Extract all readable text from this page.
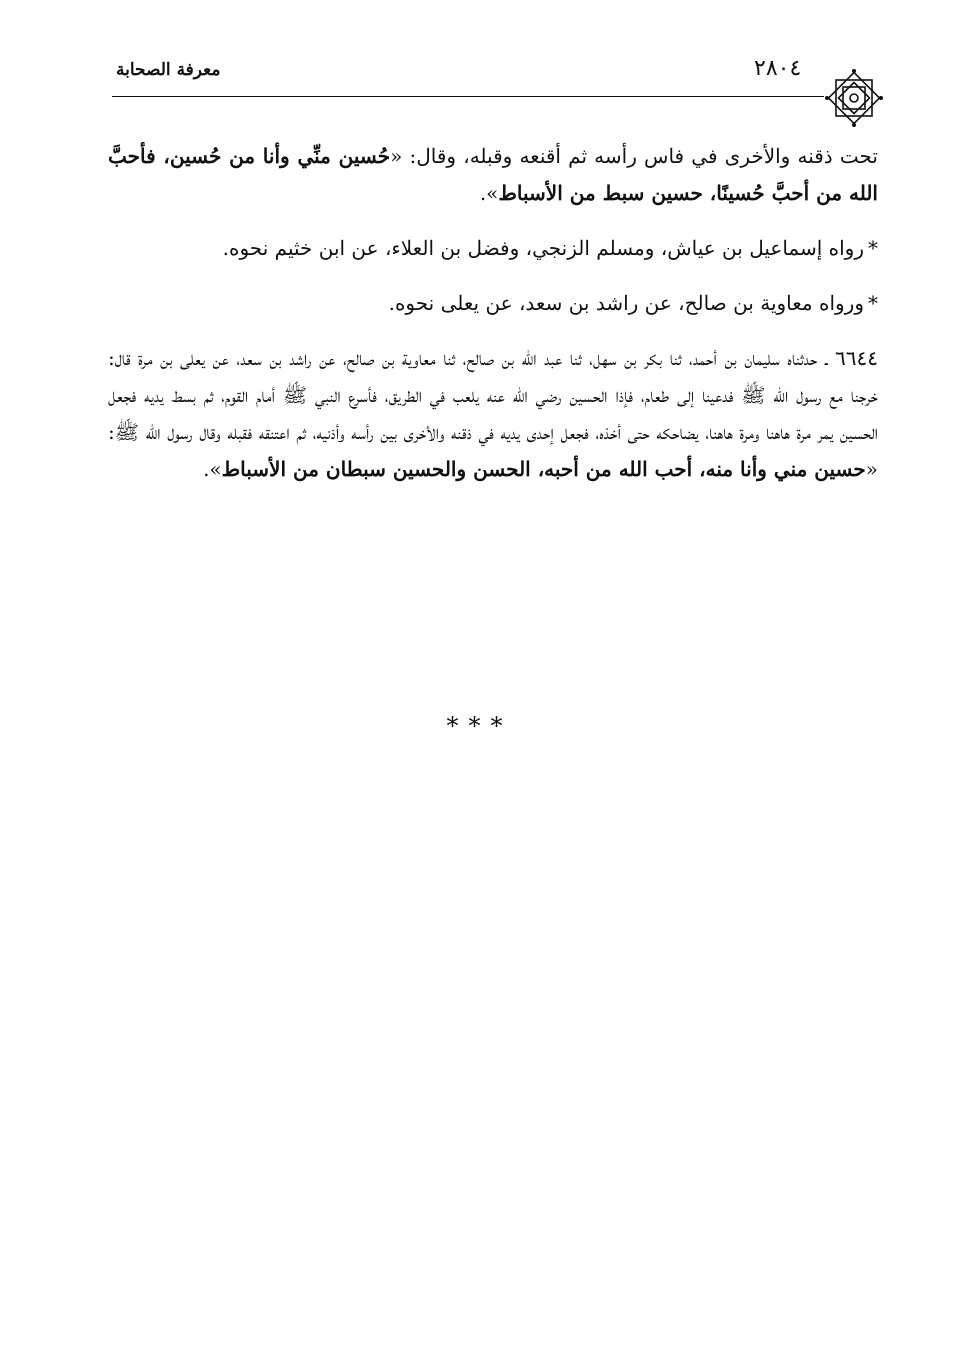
معرفة الصحابة	٢٨٠٤

تحت ذقنه والأخرى في فاس رأسه ثم أقنعه وقبله، وقال: «حُسين منِّي وأنا من حُسين، فأحبَّ الله من أحبَّ حُسينًا، حسين سبط من الأسباط».

*رواه إسماعيل بن عياش، ومسلم الزنجي، وفضل بن العلاء، عن ابن خثيم نحوه.

*ورواه معاوية بن صالح، عن راشد بن سعد، عن يعلى نحوه.

٦٦٤٤ ـ حدثناه سليمان بن أحمد، ثنا بكر بن سهل، ثنا عبد الله بن صالح، ثنا معاوية بن صالح، عن راشد بن سعد، عن يعلى بن مرة قال: خرجنا مع رسول الله ﷺ فدعينا إلى طعام، فإذا الحسين رضي الله عنه يلعب في الطريق، فأسرع النبي ﷺ أمام القوم، ثم بسط يديه فجعل الحسين يمر مرة هاهنا ومرة هاهنا، يضاحكه حتى أخذه، فجعل إحدى يديه في ذقنه والأخرى بين رأسه وأذنيه، ثم اعتنقه فقبله وقال رسول الله ﷺ: «حسين مني وأنا منه، أحب الله من أحبه، الحسن والحسين سبطان من الأسباط».

***
